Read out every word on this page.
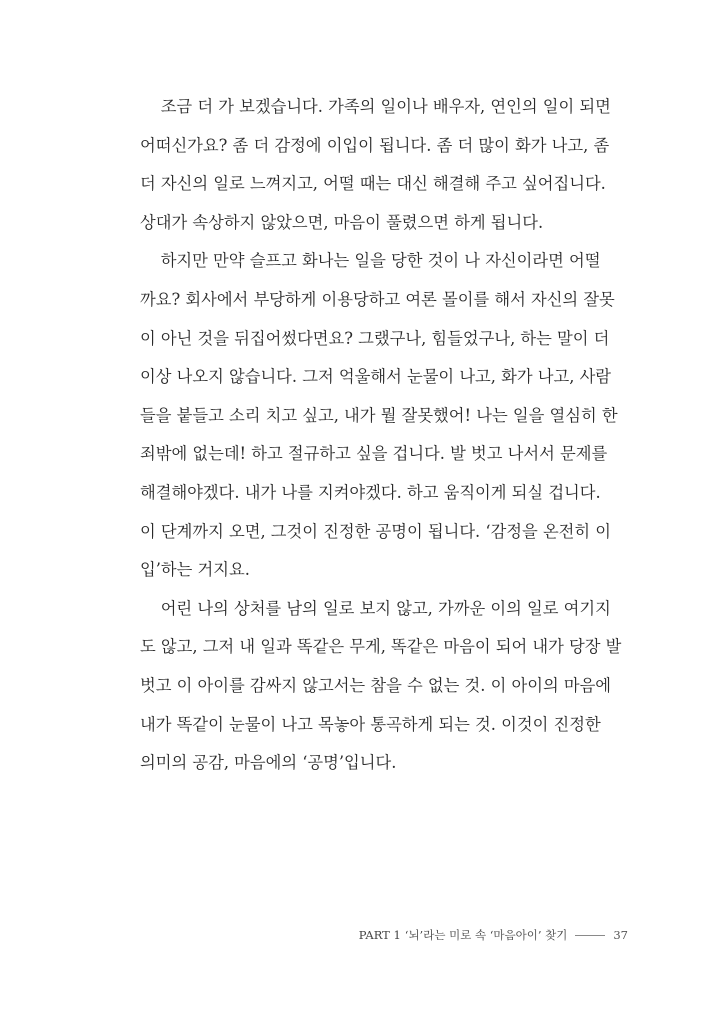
조금 더 가 보겠습니다. 가족의 일이나 배우자, 연인의 일이 되면
어떠신가요? 좀 더 감정에 이입이 됩니다. 좀 더 많이 화가 나고, 좀
더 자신의 일로 느껴지고, 어떨 때는 대신 해결해 주고 싶어집니다.
상대가 속상하지 않았으면, 마음이 풀렸으면 하게 됩니다.
하지만 만약 슬프고 화나는 일을 당한 것이 나 자신이라면 어떨
까요? 회사에서 부당하게 이용당하고 여론 몰이를 해서 자신의 잘못
이 아닌 것을 뒤집어썼다면요? 그랬구나, 힘들었구나, 하는 말이 더
이상 나오지 않습니다. 그저 억울해서 눈물이 나고, 화가 나고, 사람
들을 붙들고 소리 치고 싶고, 내가 뭘 잘못했어! 나는 일을 열심히 한
죄밖에 없는데! 하고 절규하고 싶을 겁니다. 발 벗고 나서서 문제를
해결해야겠다. 내가 나를 지켜야겠다. 하고 움직이게 되실 겁니다.
이 단계까지 오면, 그것이 진정한 공명이 됩니다. ‘감정을 온전히 이
입’하는 거지요.
어린 나의 상처를 남의 일로 보지 않고, 가까운 이의 일로 여기지
도 않고, 그저 내 일과 똑같은 무게, 똑같은 마음이 되어 내가 당장 발
벗고 이 아이를 감싸지 않고서는 참을 수 없는 것. 이 아이의 마음에
내가 똑같이 눈물이 나고 목놓아 통곡하게 되는 것. 이것이 진정한
의미의 공감, 마음에의 ‘공명’입니다.
PART 1 ‘뇌’라는 미로 속 ‘마음아이’ 찾기	37
